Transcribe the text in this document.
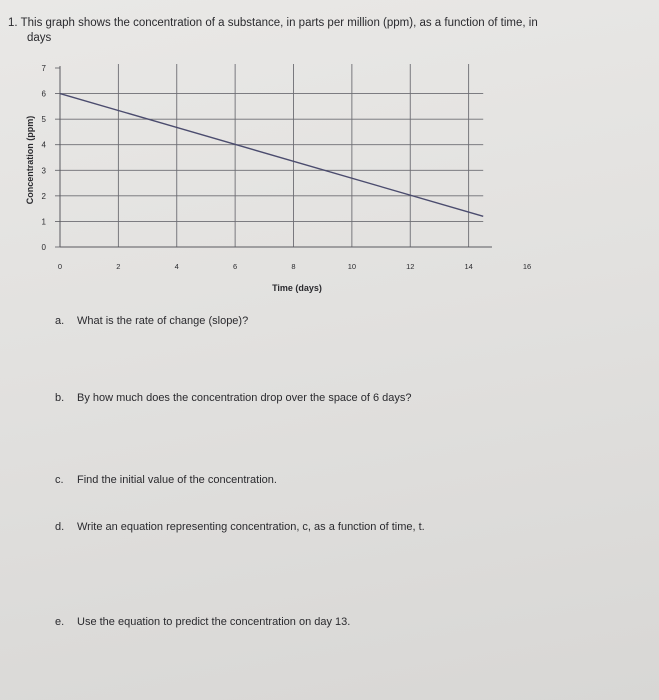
1. This graph shows the concentration of a substance, in parts per million (ppm), as a function of time, in
days

0
1
2
3
4
5
6
7
0	2	4	6	8	10	12	14	16
Time (days)
Concentration (ppm)

a. What is the rate of change (slope)?

b. By how much does the concentration drop over the space of 6 days?

c. Find the initial value of the concentration.

d. Write an equation representing concentration, c, as a function of time, t.

e. Use the equation to predict the concentration on day 13.
